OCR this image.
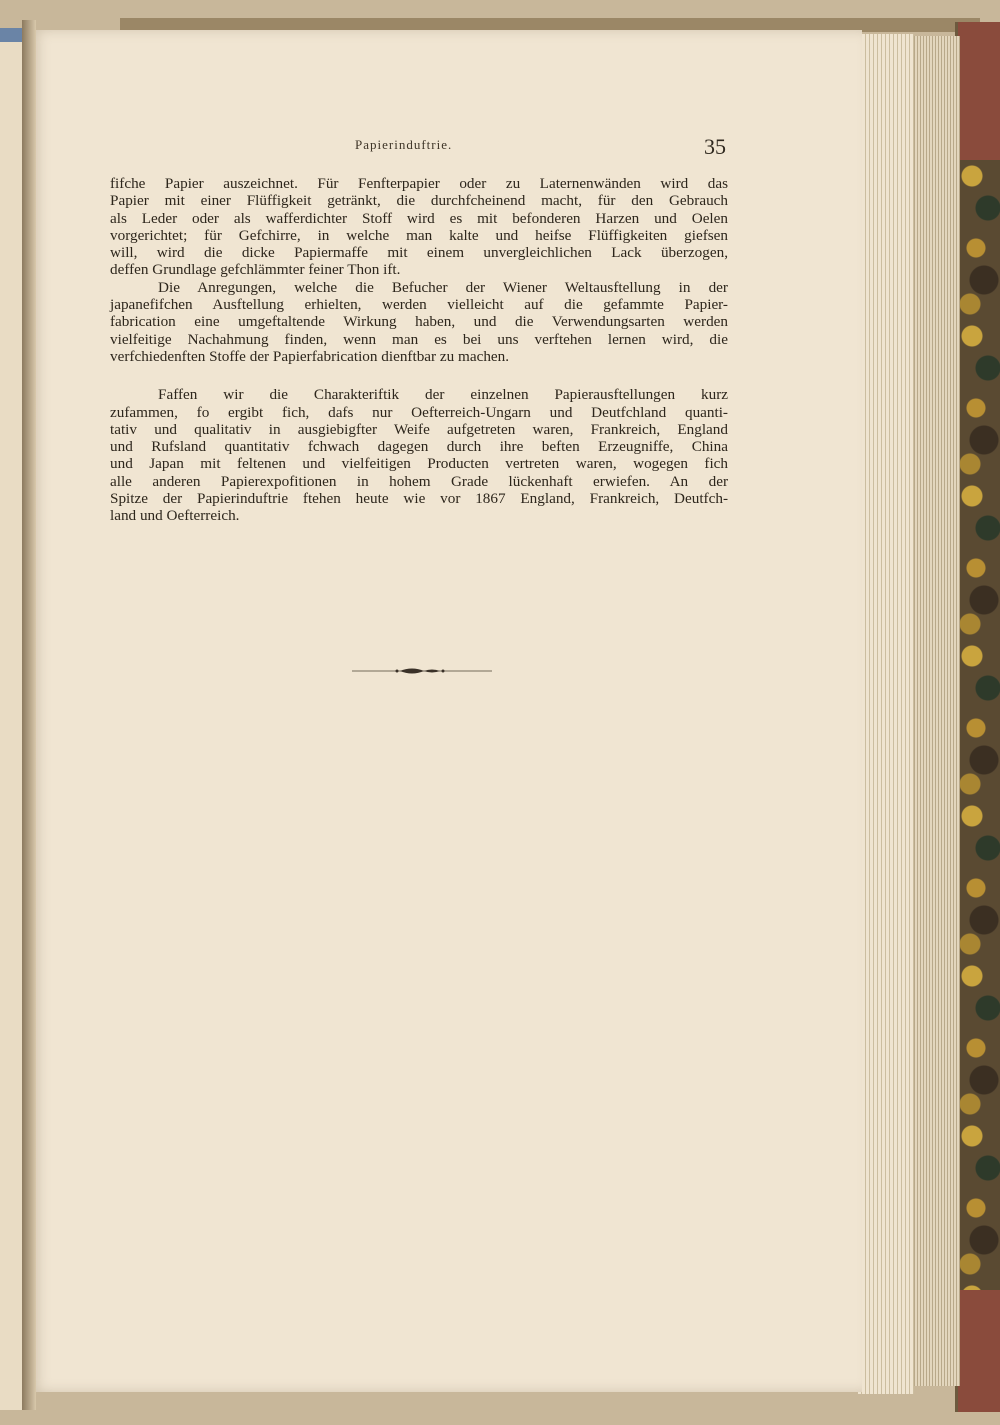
Papierinduftrie.	35

fifche Papier auszeichnet. Für Fenfterpapier oder zu Laternenwänden wird das
Papier mit einer Flüffigkeit getränkt, die durchfcheinend macht, für den Gebrauch
als Leder oder als wafferdichter Stoff wird es mit befonderen Harzen und Oelen
vorgerichtet; für Gefchirre, in welche man kalte und heifse Flüffigkeiten giefsen
will, wird die dicke Papiermaffe mit einem unvergleichlichen Lack überzogen,
deffen Grundlage gefchlämmter feiner Thon ift.

Die Anregungen, welche die Befucher der Wiener Weltausftellung in der
japanefifchen Ausftellung erhielten, werden vielleicht auf die gefammte Papier-
fabrication eine umgeftaltende Wirkung haben, und die Verwendungsarten werden
vielfeitige Nachahmung finden, wenn man es bei uns verftehen lernen wird, die
verfchiedenften Stoffe der Papierfabrication dienftbar zu machen.

Faffen wir die Charakteriftik der einzelnen Papierausftellungen kurz
zufammen, fo ergibt fich, dafs nur Oefterreich-Ungarn und Deutfchland quanti-
tativ und qualitativ in ausgiebigfter Weife aufgetreten waren, Frankreich, England
und Rufsland quantitativ fchwach dagegen durch ihre beften Erzeugniffe, China
und Japan mit feltenen und vielfeitigen Producten vertreten waren, wogegen fich
alle anderen Papierexpofitionen in hohem Grade lückenhaft erwiefen. An der
Spitze der Papierinduftrie ftehen heute wie vor 1867 England, Frankreich, Deutfch-
land und Oefterreich.
